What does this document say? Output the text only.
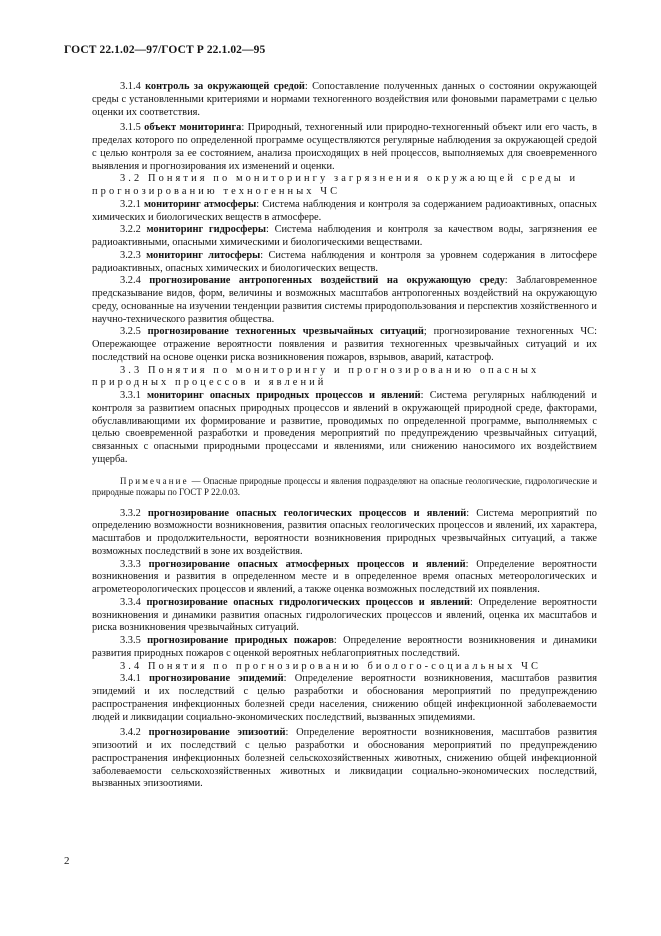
ГОСТ 22.1.02—97/ГОСТ Р 22.1.02—95

3.1.4 контроль за окружающей средой: Сопоставление полученных данных о состоянии окружающей среды с установленными критериями и нормами техногенного воздействия или фоновыми параметрами с целью оценки их соответствия.

3.1.5 объект мониторинга: Природный, техногенный или природно-техногенный объект или его часть, в пределах которого по определенной программе осуществляются регулярные наблюдения за окружающей средой с целью контроля за ее состоянием, анализа происходящих в ней процессов, выполняемых для своевременного выявления и прогнозирования их изменений и оценки.

3.2 Понятия по мониторингу загрязнения окружающей среды и прогнозированию техногенных ЧС

3.2.1 мониторинг атмосферы: Система наблюдения и контроля за содержанием радиоактивных, опасных химических и биологических веществ в атмосфере.

3.2.2 мониторинг гидросферы: Система наблюдения и контроля за качеством воды, загрязнения ее радиоактивными, опасными химическими и биологическими веществами.

3.2.3 мониторинг литосферы: Система наблюдения и контроля за уровнем содержания в литосфере радиоактивных, опасных химических и биологических веществ.

3.2.4 прогнозирование антропогенных воздействий на окружающую среду: Заблаговременное предсказывание видов, форм, величины и возможных масштабов антропогенных воздействий на окружающую среду, основанные на изучении тенденции развития системы природопользования и перспектив хозяйственного и научно-технического развития общества.

3.2.5 прогнозирование техногенных чрезвычайных ситуаций; прогнозирование техногенных ЧС: Опережающее отражение вероятности появления и развития техногенных чрезвычайных ситуаций и их последствий на основе оценки риска возникновения пожаров, взрывов, аварий, катастроф.

3.3 Понятия по мониторингу и прогнозированию опасных природных процессов и явлений

3.3.1 мониторинг опасных природных процессов и явлений: Система регулярных наблюдений и контроля за развитием опасных природных процессов и явлений в окружающей природной среде, факторами, обуславливающими их формирование и развитие, проводимых по определенной программе, выполняемых с целью своевременной разработки и проведения мероприятий по предупреждению чрезвычайных ситуаций, связанных с опасными природными процессами и явлениями, или снижению наносимого их воздействием ущерба.

Примечание — Опасные природные процессы и явления подразделяют на опасные геологические, гидрологические и природные пожары по ГОСТ Р 22.0.03.

3.3.2 прогнозирование опасных геологических процессов и явлений: Система мероприятий по определению возможности возникновения, развития опасных геологических процессов и явлений, их характера, масштабов и продолжительности, вероятности возникновения природных чрезвычайных ситуаций, а также возможных последствий в зоне их воздействия.

3.3.3 прогнозирование опасных атмосферных процессов и явлений: Определение вероятности возникновения и развития в определенном месте и в определенное время опасных метеорологических и агрометеорологических процессов и явлений, а также оценка возможных последствий их появления.

3.3.4 прогнозирование опасных гидрологических процессов и явлений: Определение вероятности возникновения и динамики развития опасных гидрологических процессов и явлений, оценка их масштабов и риска возникновения чрезвычайных ситуаций.

3.3.5 прогнозирование природных пожаров: Определение вероятности возникновения и динамики развития природных пожаров с оценкой вероятных неблагоприятных последствий.

3.4 Понятия по прогнозированию биолого-социальных ЧС

3.4.1 прогнозирование эпидемий: Определение вероятности возникновения, масштабов развития эпидемий и их последствий с целью разработки и обоснования мероприятий по предупреждению распространения инфекционных болезней среди населения, снижению общей инфекционной заболеваемости людей и ликвидации социально-экономических последствий, вызванных эпидемиями.

3.4.2 прогнозирование эпизоотий: Определение вероятности возникновения, масштабов развития эпизоотий и их последствий с целью разработки и обоснования мероприятий по предупреждению распространения инфекционных болезней сельскохозяйственных животных, снижению общей инфекционной заболеваемости сельскохозяйственных животных и ликвидации социально-экономических последствий, вызванных эпизоотиями.

2
